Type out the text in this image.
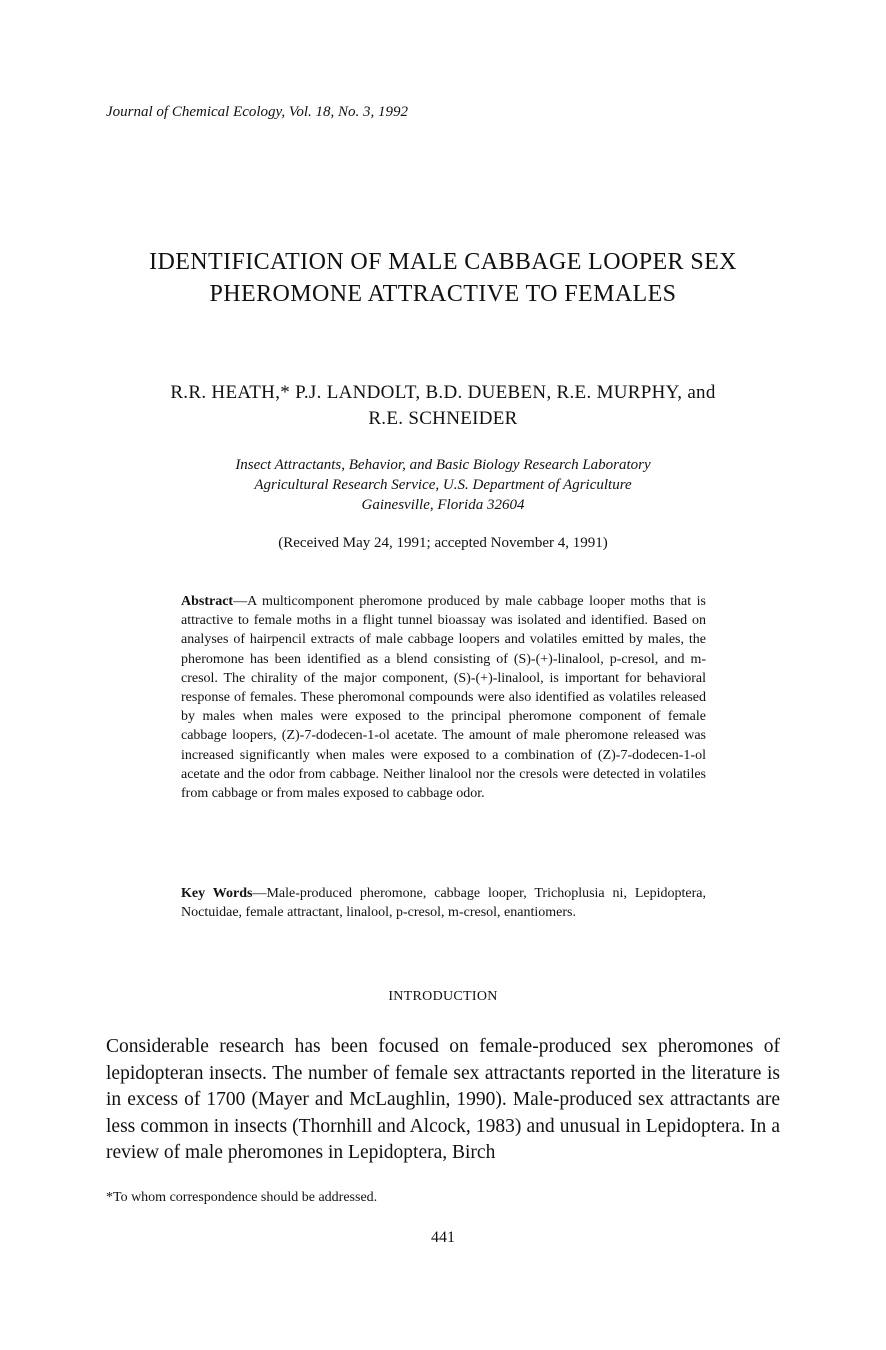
Journal of Chemical Ecology, Vol. 18, No. 3, 1992
IDENTIFICATION OF MALE CABBAGE LOOPER SEX PHEROMONE ATTRACTIVE TO FEMALES
R.R. HEATH,* P.J. LANDOLT, B.D. DUEBEN, R.E. MURPHY, and
R.E. SCHNEIDER
Insect Attractants, Behavior, and Basic Biology Research Laboratory
Agricultural Research Service, U.S. Department of Agriculture
Gainesville, Florida 32604
(Received May 24, 1991; accepted November 4, 1991)
Abstract—A multicomponent pheromone produced by male cabbage looper moths that is attractive to female moths in a flight tunnel bioassay was isolated and identified. Based on analyses of hairpencil extracts of male cabbage loopers and volatiles emitted by males, the pheromone has been identified as a blend consisting of (S)-(+)-linalool, p-cresol, and m-cresol. The chirality of the major component, (S)-(+)-linalool, is important for behavioral response of females. These pheromonal compounds were also identified as volatiles released by males when males were exposed to the principal pheromone component of female cabbage loopers, (Z)-7-dodecen-1-ol acetate. The amount of male pheromone released was increased significantly when males were exposed to a combination of (Z)-7-dodecen-1-ol acetate and the odor from cabbage. Neither linalool nor the cresols were detected in volatiles from cabbage or from males exposed to cabbage odor.
Key Words—Male-produced pheromone, cabbage looper, Trichoplusia ni, Lepidoptera, Noctuidae, female attractant, linalool, p-cresol, m-cresol, enantiomers.
INTRODUCTION
Considerable research has been focused on female-produced sex pheromones of lepidopteran insects. The number of female sex attractants reported in the literature is in excess of 1700 (Mayer and McLaughlin, 1990). Male-produced sex attractants are less common in insects (Thornhill and Alcock, 1983) and unusual in Lepidoptera. In a review of male pheromones in Lepidoptera, Birch
*To whom correspondence should be addressed.
441
